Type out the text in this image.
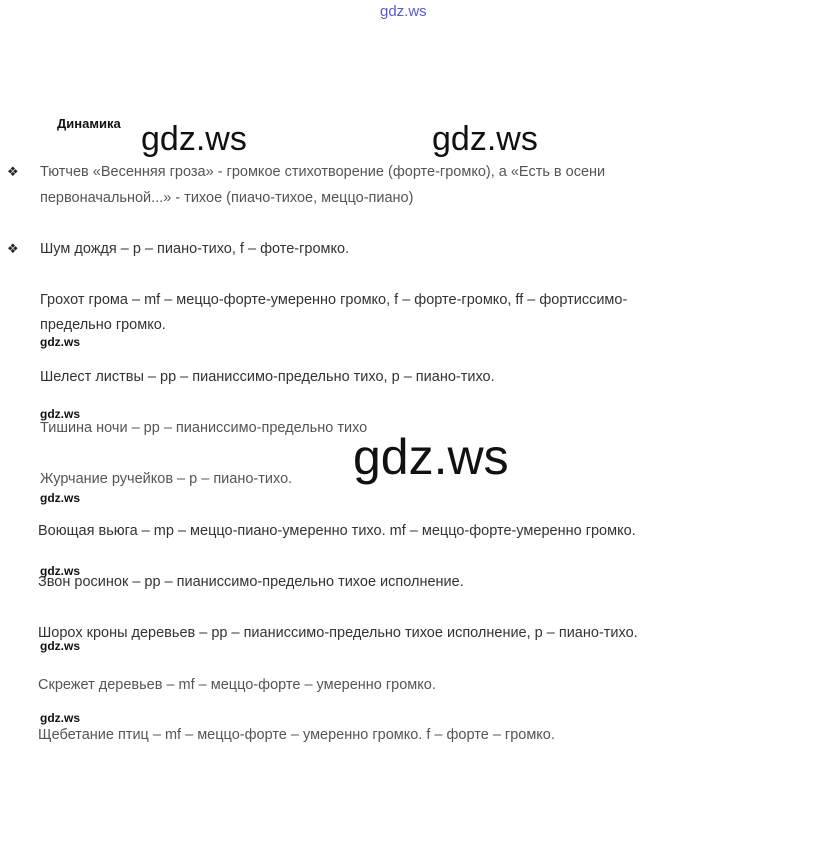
gdz.ws
Динамика gdz.ws	gdz.ws
gdz.ws
gdz.ws
gdz.ws
gdz.ws
gdz.ws
gdz.ws
gdz.ws
❖
❖
Тютчев «Весенняя гроза» - громкое стихотворение (форте-громко), а «Есть в осени
первоначальной...» - тихое (пиачо-тихое, меццо-пиано)
Шум дождя – p – пиано-тихо, f – фоте-громко.
Грохот грома – mf – меццо-форте-умеренно громко, f – форте-громко, ff – фортиссимо-
предельно громко.
Шелест листвы – pp – пианиссимо-предельно тихо, p – пиано-тихо.
Тишина ночи – pp – пианиссимо-предельно тихо
Журчание ручейков – p – пиано-тихо.
Воющая вьюга – mp – меццо-пиано-умеренно тихо. mf – меццо-форте-умеренно громко.
Звон росинок – pp – пианиссимо-предельно тихое исполнение.
Шорох кроны деревьев – pp – пианиссимо-предельно тихое исполнение, p – пиано-тихо.
Скрежет деревьев – mf – меццо-форте – умеренно громко.
Щебетание птиц – mf – меццо-форте – умеренно громко. f – форте – громко.
